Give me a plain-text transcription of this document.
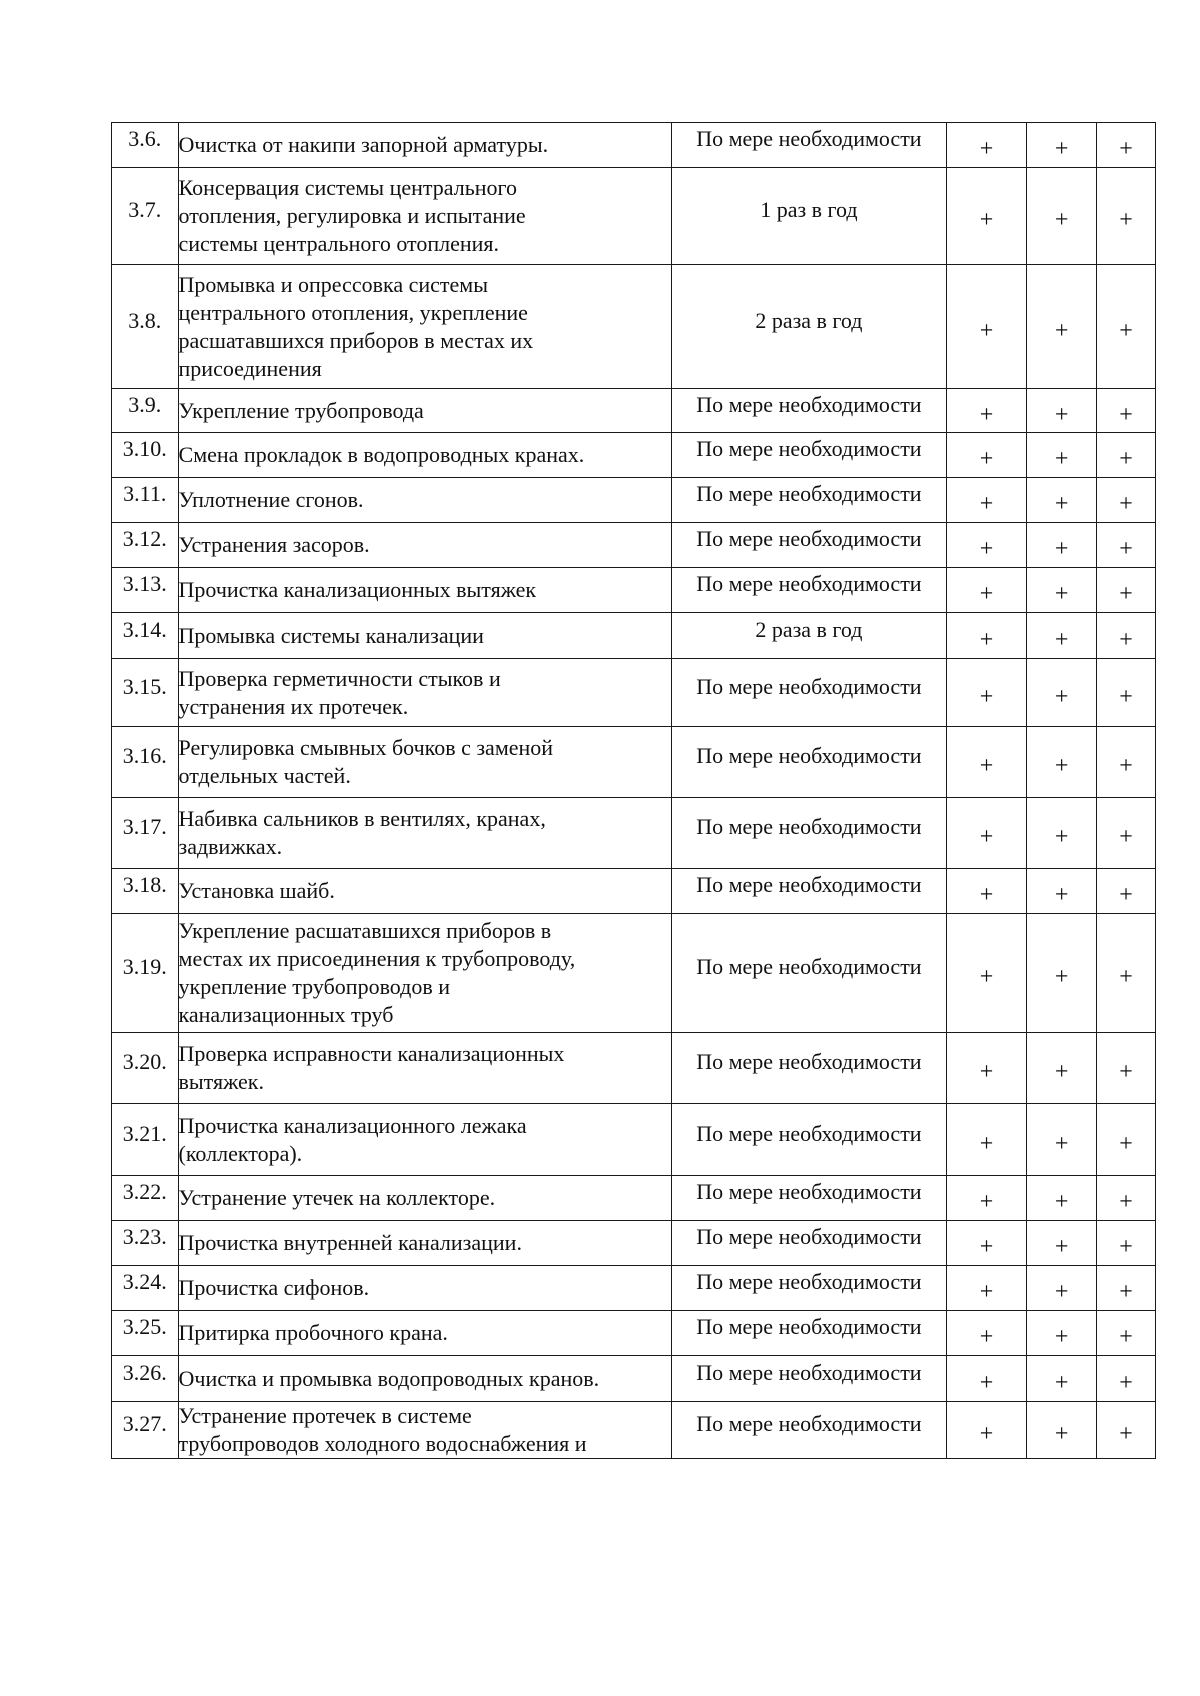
3.6.	Очистка от накипи запорной арматуры.	По мере необходимости	+	+	+
3.7.	Консервация системы центрального
отопления, регулировка и испытание
системы центрального отопления.	1 раз в год	+	+	+
3.8.	Промывка и опрессовка системы
центрального отопления, укрепление
расшатавшихся приборов в местах их
присоединения	2 раза в год	+	+	+
3.9.	Укрепление трубопровода	По мере необходимости	+	+	+
3.10.	Смена прокладок в водопроводных кранах.	По мере необходимости	+	+	+
3.11.	Уплотнение сгонов.	По мере необходимости	+	+	+
3.12.	Устранения засоров.	По мере необходимости	+	+	+
3.13.	Прочистка канализационных вытяжек	По мере необходимости	+	+	+
3.14.	Промывка системы канализации	2 раза в год	+	+	+
3.15.	Проверка герметичности стыков и
устранения их протечек.	По мере необходимости	+	+	+
3.16.	Регулировка смывных бочков с заменой
отдельных частей.	По мере необходимости	+	+	+
3.17.	Набивка сальников в вентилях, кранах,
задвижках.	По мере необходимости	+	+	+
3.18.	Установка шайб.	По мере необходимости	+	+	+
3.19.	Укрепление расшатавшихся приборов в
местах их присоединения к трубопроводу,
укрепление трубопроводов и
канализационных труб	По мере необходимости	+	+	+
3.20.	Проверка исправности канализационных
вытяжек.	По мере необходимости	+	+	+
3.21.	Прочистка канализационного лежака
(коллектора).	По мере необходимости	+	+	+
3.22.	Устранение утечек на коллекторе.	По мере необходимости	+	+	+
3.23.	Прочистка внутренней канализации.	По мере необходимости	+	+	+
3.24.	Прочистка сифонов.	По мере необходимости	+	+	+
3.25.	Притирка пробочного крана.	По мере необходимости	+	+	+
3.26.	Очистка и промывка водопроводных кранов.	По мере необходимости	+	+	+
3.27.	Устранение протечек в системе
трубопроводов холодного водоснабжения и	По мере необходимости	+	+	+
